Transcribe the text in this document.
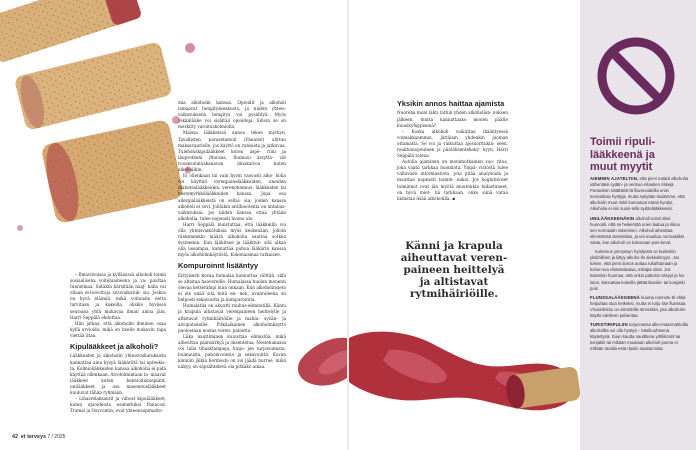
– Ilmaviivoissa ja kylläisissä alkoholi toimii sosiaalisena voiteluaineena ja va- pauttaa tunnelmaa. Siitäkin kärsitään naaƒ- halla vai ollaan ei-toivottuja sivuvaikutuk- sia. Joskus on hyvä eläimiä, mikä voitaisiin netta tarvitaan ja kokeilla, olisiko hyvässä seurassa yhtä mukavaa ilman ainoa jäin, Harri Seppälä ehdottaa.

Hän jatkaa, että alkoholin ihminen osaa kyllä arvioida, mikä on itselle mukavin tapa viettää iltaa.

Kipulääkkeet ja alkoholi?

Lääkkeiden ja alkoholin yhteisvaikutuksista kannattaa aina kysyä lääkäriltä tai apteekis- ta. Kolmioliäkkeiden kanssa alkoholia ei pidä käyttää ollenkaan. Aivotoimintaan la- maavat lääkkeet kuten bentsodiatsepiinit, unilääkkeet ja osa masennuslääkkeet kuuluvat tähän ryhmään.

– Lihasrelaksantit ja vahvat kipulääkkeet, kuten opioideista esimerkiksi Panacod, Tramal ja Oxycontin, ovat yhteensopimatto-

mia alkoholin kanssa. Opioidit ja alkoholi lamaavat hengityskeskusta, ja niiden yhteis- vaikutuksena hengitys voi pysähtyä. Myös yskänlääke voi sisältää opioideja. Silloin se on merkitty varoituskolmiolla.

Maissa lääkkeissä annoa tekee myrkyn. Tavallisten parasetamoli (Panadol) alittuu maksavauriolle, jos käyttö on runsasta ja jatkuvaa. Tulehduskipulääkkeet kuten aspe- riini ja ibuprofeeni (Burana, Ibumax) ärsyttä- vät ruoansulatuskanavan limakalvoa kuten alkoholikin.

Ei ollenkaan tai vain hyvin vaovasti alko- holia voi käyttää verenpainelääkkeiden, uneiden diabeteslääkkeiden, verenohennus- lääkkeiden tai nestemyrkkölääkkeiden kanssa. Jopa osa allergialääkkeistä on sellai- sia, joiden kanssa alkoholi ei sovi. Joillakin antibiooteilla on antabus-vaikutuksia: jos niiden kanssa ottaa yhtään alkoholia, tulee nopeasti huono olo.

Harri Seppälä muistuttaa, että lääkkeillä voi olla yhteisvaikutuksia myös keskenään, jolloin ränkimenkin määrä alkoholia saattaa sotkea systeemin. Kun lääkitsee ja lääkityk- sitä alkaa olla useampia, kannattaa puhua lääkärin kanssa myös alkoholinkäytöstä. Kokonaismaa ratkaisee.

Kompuroinnt lisääntyy

Erityisesti kovaa humalaa kannattaa välttää, sillä se altistaa haavereille. Humalassa huolen monenti olevaa ketterämpi kuin onkaan. Kun alkoholinsieto ei ole enää sitä mitä en- nen, avuntuleena on helposti sekavuutta ja kompurointia.

Humalatila on akuutti rauhus-eliminitillä. Känni ja krapula altistavat verenpaineen heittelylle ja altistavat rytmihäiriöille ja mahla- syöän- ja aivoputoksille. Pitkäaikainen alkoholinkäyttö puolestaan nostaa veren- painetta.

Liika nauttiminen kuivattaa elimistöä, mikä aiheuttaa päänsärkyä ja oksentelua. Nestehukassa voi tulla tihasktampeja, huijo- jen turposumista, huimausta, pahoinvointia ja sekavuutta. Kovan känniin jälkiä hermosto on voi jäädä hurree, mikä näkyy, on säpsähtelevä ola pitkäkö aikaa.

42 et terveys 7 / 2025
Yksikin annos haittaa ajamista

Nuorena moni lähti tattiin yhden alkoholian- noksen jälkeen, mutta kannattaako monen päätle kuusikymppisenä?

– Koska alkoholi vaikuttaa ikääntyessä voimakkaammin, jättäisin yhdenkin juoman ottamatta. Se voi ja vaikuttaa ajosuoritukin- seen, reaktionopeuteen ja päätöksentekoky- kyyn, Harri Seppälä toteaa.

Autolla ajaminen on monimutkainen suo- ritus, joka vaatii tarkkaa huomiota. Ympä- ristöstä tulee valtavasti informaatiota, jota pitää analysoida ja muuttaa nopeasti toimin- naksi. Jos kognitiiviset toiminnot ovat iän myötä muutenkin hidastuneet, on hyvä miet- tiä tarkkaan, onko siinä varaa hidastaa lisää alkoholilla. ▪

Känni ja krapula
aiheuttavat veren-
paineen heittelyä
ja altistavat
rytmihäiriöille.

Toimii ripuli-
lääkkeenä ja
muut myytit

AIEMMIN AJATELTIIN, että pieni määrä alkoholia vähentäisi sydän- ja verisuo-nitautien riskejä. Punaviinin sisältämil-lä flavonoideilla oniin teoreettisia hyötyjä, mutta nykyään tiedämme, että alkoholin muut riskit kumoavat nämä hyödyt. Alkoholia ei siis suosi-tella sydänlääkkeeksi.

UNILÄÄKKEENÄKIN alkoholi toimii siksi huonosti, että se heikentää unen laatua ja riikoo sen normaalin rakenteen. Alkoholi aiheuttaa elimistössä stressitilan, ja uni muuttuu normaaliksi vasta, kun alkoholi on kokonaan pois-tunut.

Kokemus yömyssyn hyödyistä on kuitenkin yksilöllinen ja liittyy alkoho-lin siekkolimyyn. Jos kokee, että pieni annos auttaa rukahtamaan ja kohen-tua elämänlaatua, mikäpä siinä. Jos kuitenkin huomaa, että onkin pakosin väsyyt ja ha-luton, kannattaa kokeilla jättää iltaviini- tai konjakki pois.

FLUNSSALÄÄKKEENÄ kuuma rommito-tti ehkä helpottaa oloa hetkeksi, mutta ei torju itse flunssaa. Virusinfektio on elimistölle stressitila, jota alkoholin-käyttö edelleen pahentaa.

TURISTIRIPULIIN torjunnassa alko-maarmahtoilla alkoholilla voi olla hyötyä – käsihuuhteena käytettynä. Suun kautta nauttituna yrttiliköörit tai konjakki tai mikään muukaan alkoholi-juoma ei millään tavalla estä ripulin saastumista.
